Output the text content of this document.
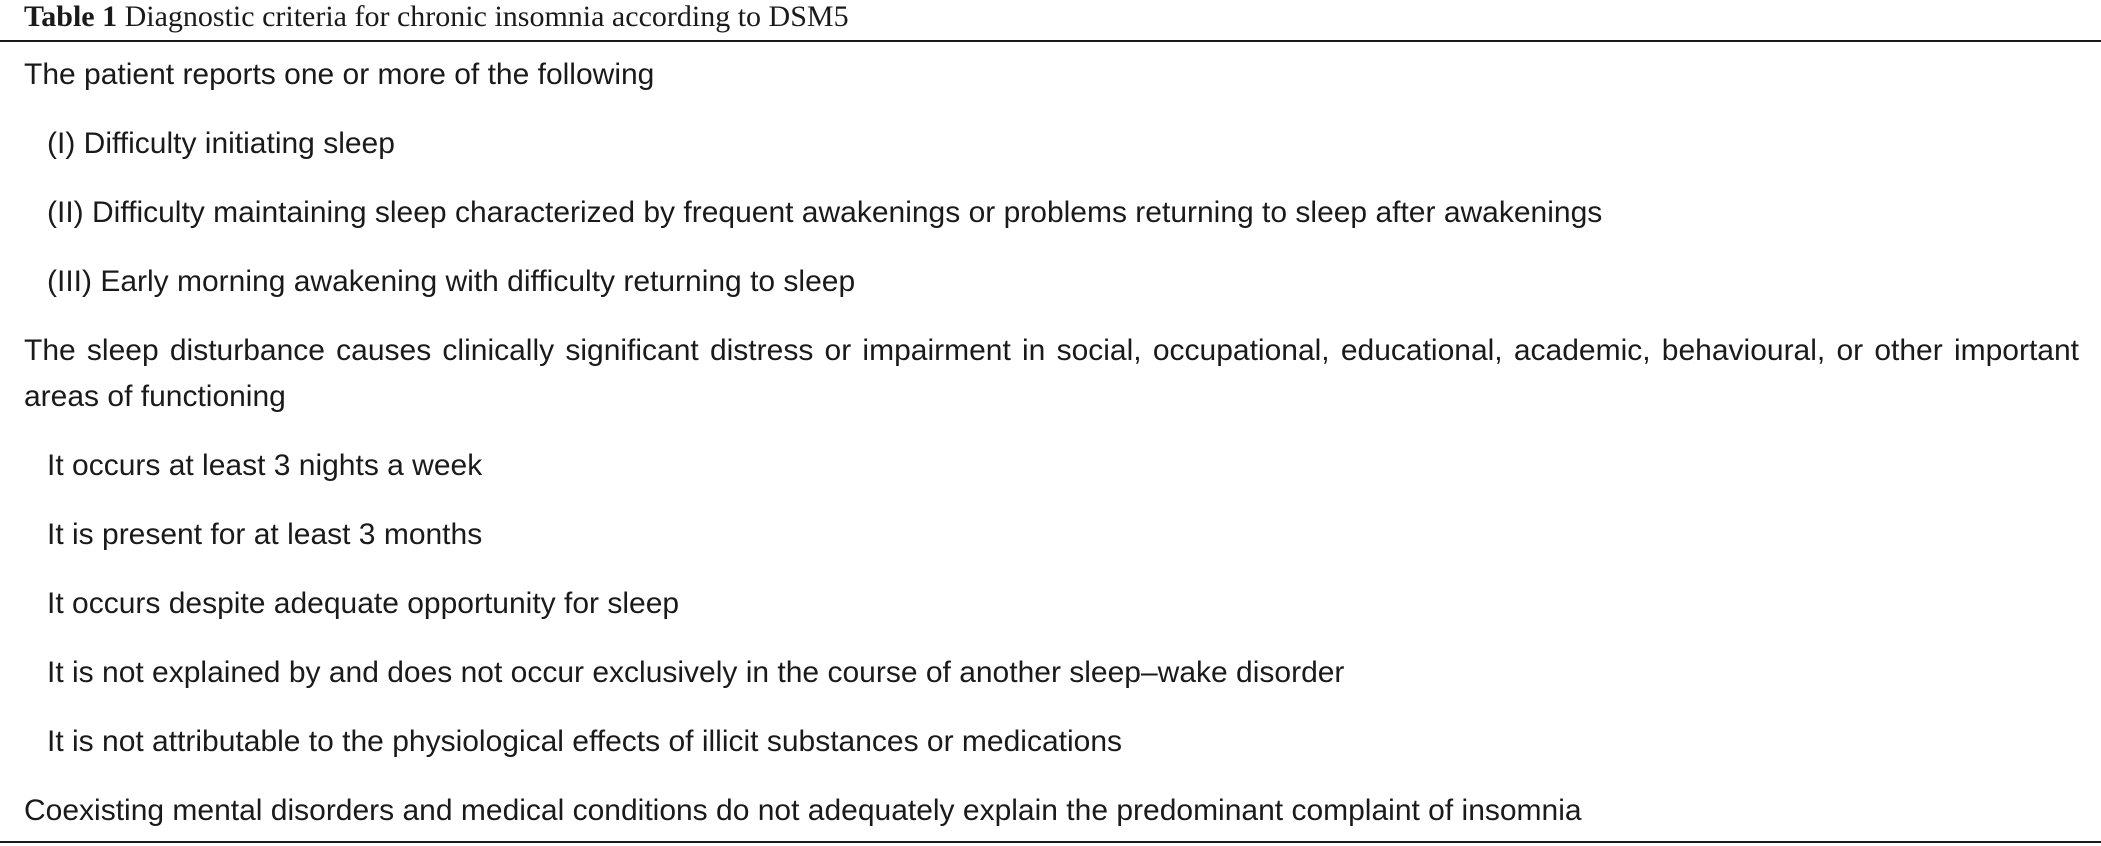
Table 1 Diagnostic criteria for chronic insomnia according to DSM5
The patient reports one or more of the following
(I) Difficulty initiating sleep
(II) Difficulty maintaining sleep characterized by frequent awakenings or problems returning to sleep after awakenings
(III) Early morning awakening with difficulty returning to sleep
The sleep disturbance causes clinically significant distress or impairment in social, occupational, educational, academic, behavioural, or other important areas of functioning
It occurs at least 3 nights a week
It is present for at least 3 months
It occurs despite adequate opportunity for sleep
It is not explained by and does not occur exclusively in the course of another sleep–wake disorder
It is not attributable to the physiological effects of illicit substances or medications
Coexisting mental disorders and medical conditions do not adequately explain the predominant complaint of insomnia
